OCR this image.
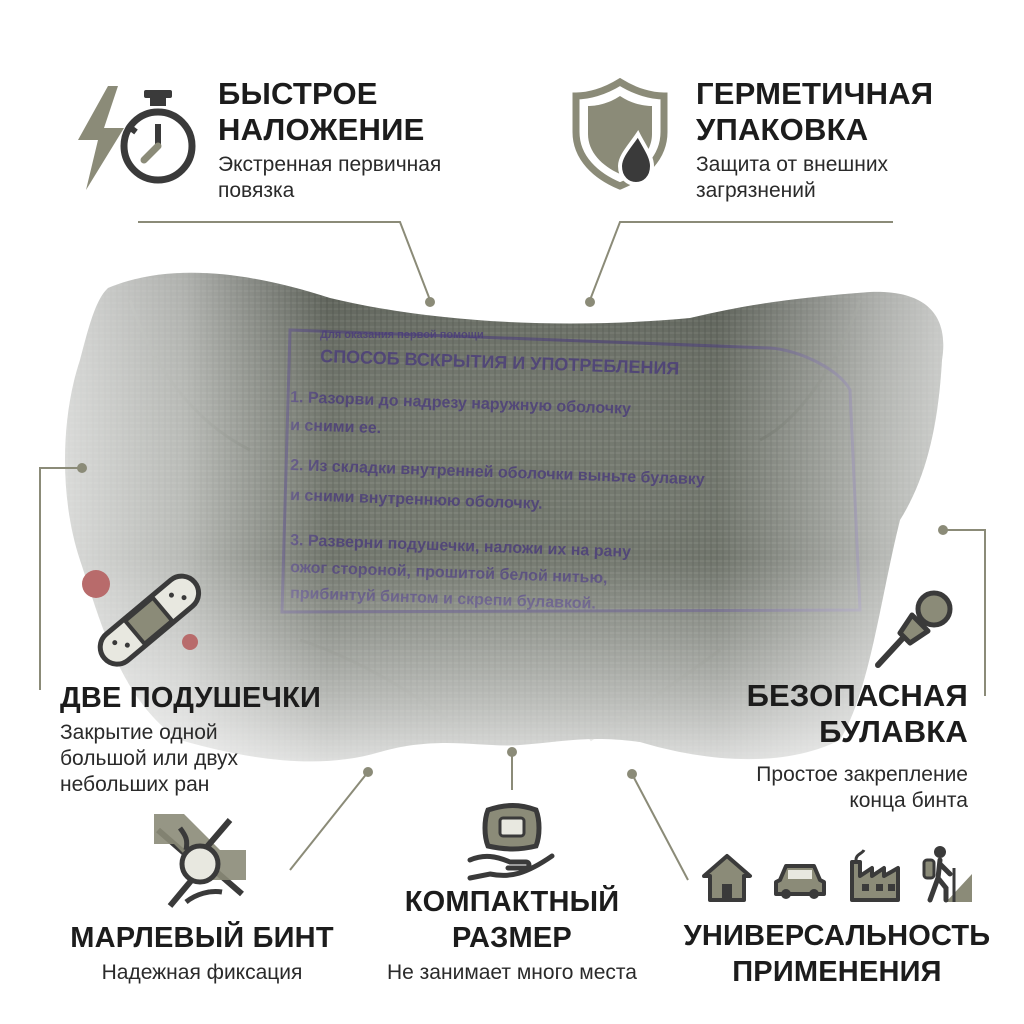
БЫСТРОЕ
НАЛОЖЕНИЕ
Экстренная первичная
повязка
ГЕРМЕТИЧНАЯ
УПАКОВКА
Защита от внешних
загрязнений
ДВЕ ПОДУШЕЧКИ
Закрытие одной
большой или двух
небольших ран
БЕЗОПАСНАЯ
БУЛАВКА
Простое закрепление
конца бинта
МАРЛЕВЫЙ БИНТ
Надежная фиксация
КОМПАКТНЫЙ
РАЗМЕР
Не занимает много места
УНИВЕРСАЛЬНОСТЬ
ПРИМЕНЕНИЯ
